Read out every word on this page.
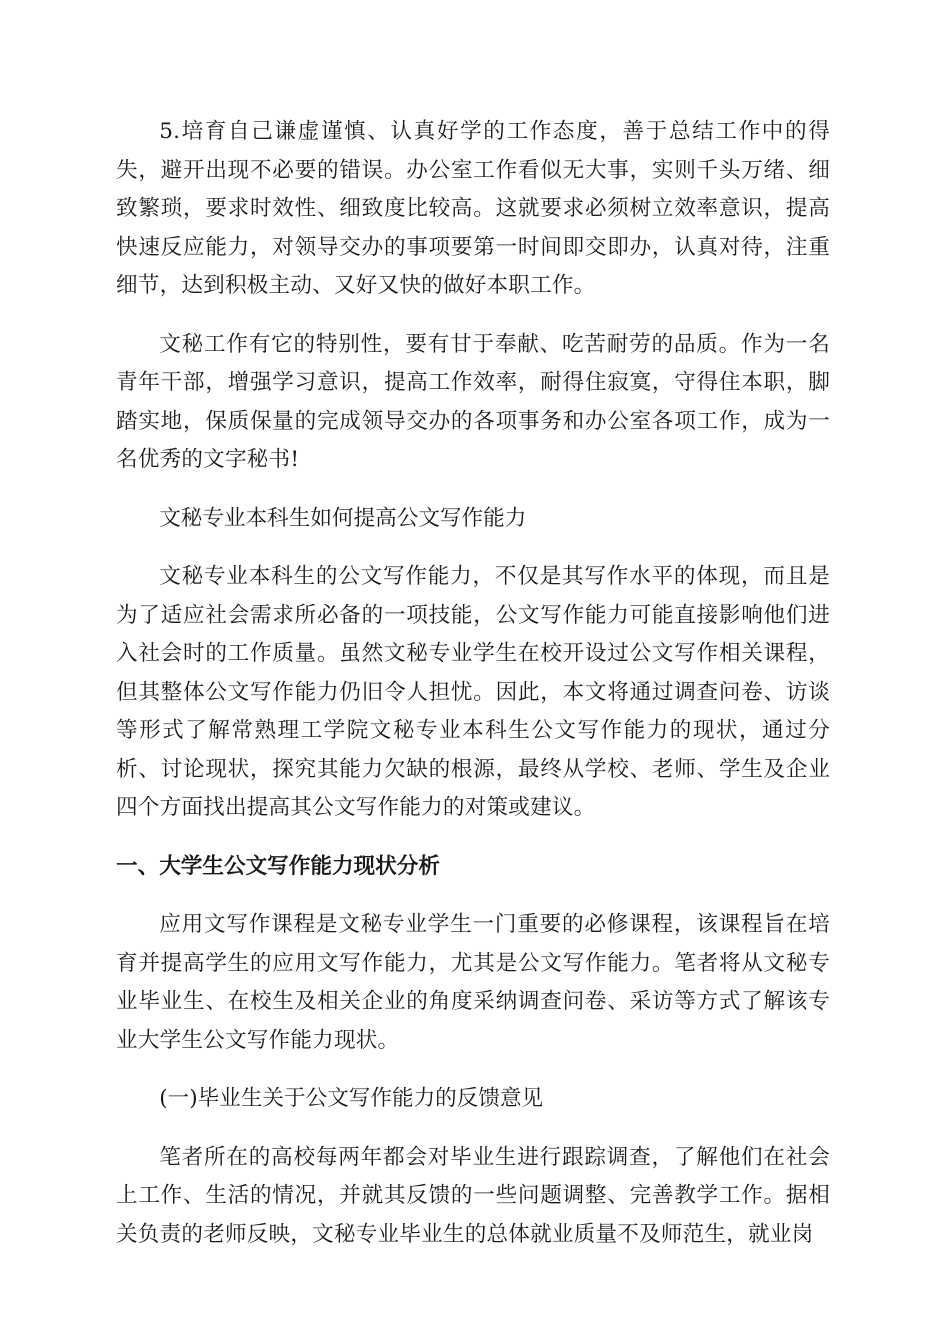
5.培育自己谦虚谨慎、认真好学的工作态度，善于总结工作中的得失，避开出现不必要的错误。办公室工作看似无大事，实则千头万绪、细致繁琐，要求时效性、细致度比较高。这就要求必须树立效率意识，提高快速反应能力，对领导交办的事项要第一时间即交即办，认真对待，注重细节，达到积极主动、又好又快的做好本职工作。

文秘工作有它的特别性，要有甘于奉献、吃苦耐劳的品质。作为一名青年干部，增强学习意识，提高工作效率，耐得住寂寞，守得住本职，脚踏实地，保质保量的完成领导交办的各项事务和办公室各项工作，成为一名优秀的文字秘书!

文秘专业本科生如何提高公文写作能力

文秘专业本科生的公文写作能力，不仅是其写作水平的体现，而且是为了适应社会需求所必备的一项技能，公文写作能力可能直接影响他们进入社会时的工作质量。虽然文秘专业学生在校开设过公文写作相关课程，但其整体公文写作能力仍旧令人担忧。因此，本文将通过调查问卷、访谈等形式了解常熟理工学院文秘专业本科生公文写作能力的现状，通过分析、讨论现状，探究其能力欠缺的根源，最终从学校、老师、学生及企业四个方面找出提高其公文写作能力的对策或建议。

一、大学生公文写作能力现状分析

应用文写作课程是文秘专业学生一门重要的必修课程，该课程旨在培育并提高学生的应用文写作能力，尤其是公文写作能力。笔者将从文秘专业毕业生、在校生及相关企业的角度采纳调查问卷、采访等方式了解该专业大学生公文写作能力现状。

(一)毕业生关于公文写作能力的反馈意见

笔者所在的高校每两年都会对毕业生进行跟踪调查，了解他们在社会上工作、生活的情况，并就其反馈的一些问题调整、完善教学工作。据相关负责的老师反映，文秘专业毕业生的总体就业质量不及师范生，就业岗
